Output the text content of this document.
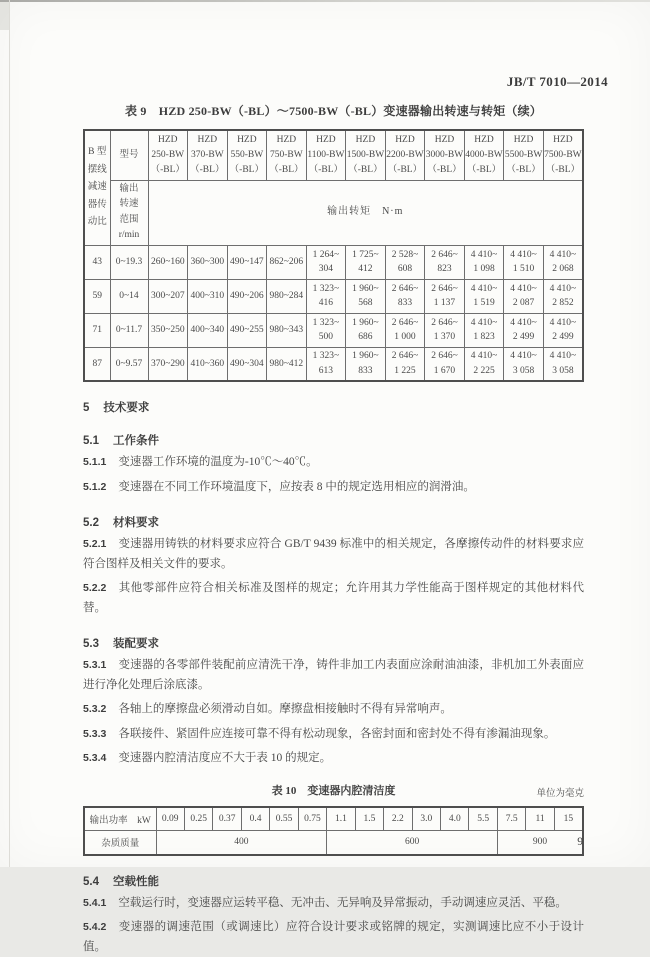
JB/T 7010—2014
表 9　HZD 250-BW（-BL）～7500-BW（-BL）变速器输出转速与转矩（续）
B 型
摆线
减速
器传
动比

型号

HZD
250-BW
（-BL）

HZD
370-BW
（-BL）

HZD
550-BW
（-BL）

HZD
750-BW
（-BL）

HZD
1100-BW
（-BL）

HZD
1500-BW
（-BL）

HZD
2200-BW
（-BL）

HZD
3000-BW
（-BL）

HZD
4000-BW
（-BL）

HZD
5500-BW
（-BL）

HZD
7500-BW
（-BL）

	输出
转速
范围
r/min	输出转矩　N·m										

43	0~19.3	260~160	360~300	490~147	862~206

1 264~
304

1 725~
412

2 528~
608

2 646~
823

4 410~
1 098

4 410~
1 510

4 410~
2 068

59	0~14	300~207	400~310	490~206	980~284

1 323~
416

1 960~
568

2 646~
833

2 646~
1 137

4 410~
1 519

4 410~
2 087

4 410~
2 852

71	0~11.7	350~250	400~340	490~255	980~343

1 323~
500

1 960~
686

2 646~
1 000

2 646~
1 370

4 410~
1 823

4 410~
2 499

4 410~
2 499

87	0~9.57	370~290	410~360	490~304	980~412

1 323~
613

1 960~
833

2 646~
1 225

2 646~
1 670

4 410~
2 225

4 410~
3 058

4 410~
3 058
5 技术要求
5.1 工作条件
5.1.1 变速器工作环境的温度为-10℃～40℃。
5.1.2 变速器在不同工作环境温度下，应按表 8 中的规定选用相应的润滑油。
5.2 材料要求
5.2.1 变速器用铸铁的材料要求应符合 GB/T 9439 标准中的相关规定，各摩擦传动件的材料要求应符合图样及相关文件的要求。
5.2.2 其他零部件应符合相关标准及图样的规定；允许用其力学性能高于图样规定的其他材料代替。
5.3 装配要求
5.3.1 变速器的各零部件装配前应清洗干净，铸件非加工内表面应涂耐油油漆，非机加工外表面应进行净化处理后涂底漆。
5.3.2 各轴上的摩擦盘必须滑动自如。摩擦盘相接触时不得有异常响声。
5.3.3 各联接件、紧固件应连接可靠不得有松动现象，各密封面和密封处不得有渗漏油现象。
5.3.4 变速器内腔清洁度应不大于表 10 的规定。
表 10　变速器内腔清洁度	单位为毫克
输出功率　kW	0.09	0.25	0.37	0.4	0.55	0.75	1.1	1.5	2.2	3.0	4.0	5.5	7.5	11	15

杂质质量	400						600						900		
5.4 空载性能
5.4.1 空载运行时，变速器应运转平稳、无冲击、无异响及异常振动，手动调速应灵活、平稳。
5.4.2 变速器的调速范围（或调速比）应符合设计要求或铭牌的规定，实测调速比应不小于设计值。
9
